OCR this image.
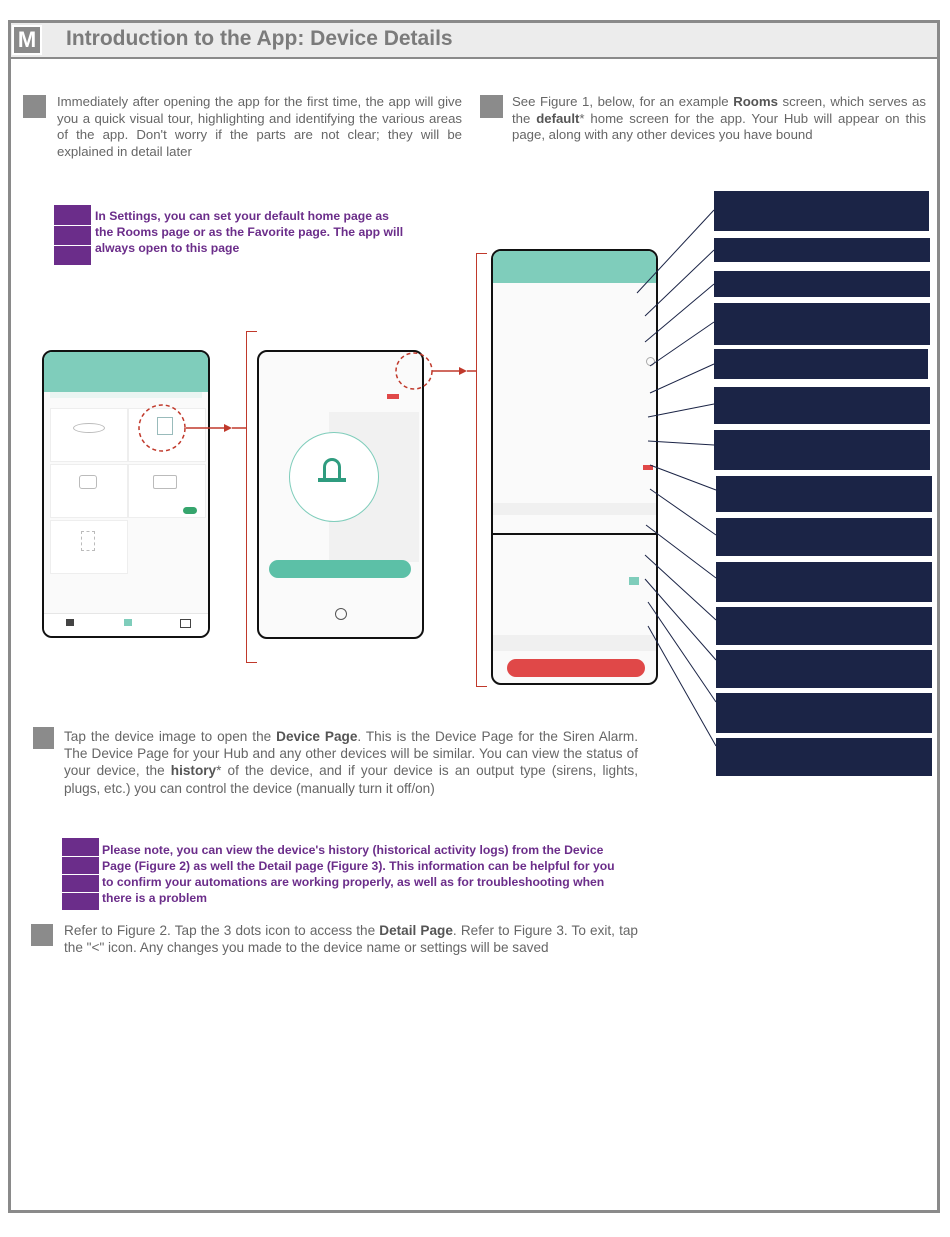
M Introduction to the App: Device Details
Immediately after opening the app for the first time, the app will give you a quick visual tour, highlighting and identifying the various areas of the app. Don't worry if the parts are not clear; they will be explained in detail later
See Figure 1, below, for an example Rooms screen, which serves as the default* home screen for the app. Your Hub will appear on this page, along with any other devices you have bound
In Settings, you can set your default home page as
the Rooms page or as the Favorite page. The app will
always open to this page
Tap the device image to open the Device Page. This is the Device Page for the Siren Alarm. The Device Page for your Hub and any other devices will be similar. You can view the status of your device, the history* of the device, and if your device is an output type (sirens, lights, plugs, etc.) you can control the device (manually turn it off/on)
Please note, you can view the device's history (historical activity logs) from the Device
Page (Figure 2) as well the Detail page (Figure 3). This information can be helpful for you
to confirm your automations are working properly, as well as for troubleshooting when
there is a problem
Refer to Figure 2. Tap the 3 dots icon to access the Detail Page. Refer to Figure 3. To exit, tap the "<" icon. Any changes you made to the device name or settings will be saved
